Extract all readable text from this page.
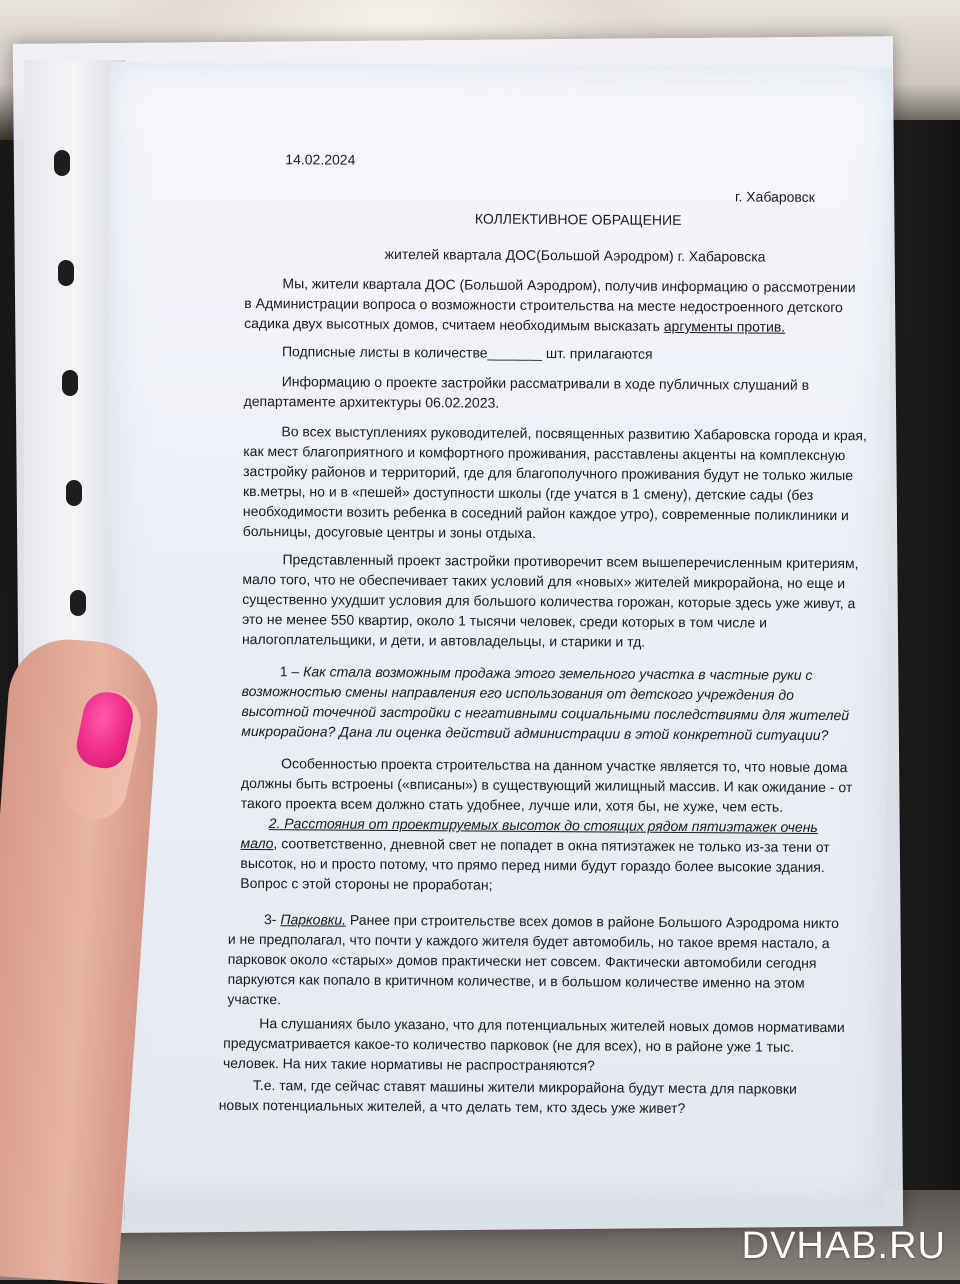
14.02.2024
г. Хабаровск
КОЛЛЕКТИВНОЕ ОБРАЩЕНИЕ
жителей квартала ДОС(Большой Аэродром) г. Хабаровска
Мы, жители квартала ДОС (Большой Аэродром), получив информацию о рассмотрении
в Администрации вопроса о возможности строительства на месте недостроенного детского
садика двух высотных домов, считаем необходимым высказать аргументы против.
Подписные листы в количестве_______ шт. прилагаются
Информацию о проекте застройки рассматривали в ходе публичных слушаний в
департаменте архитектуры 06.02.2023.
Во всех выступлениях руководителей, посвященных развитию Хабаровска города и края,
как мест благоприятного и комфортного проживания, расставлены акценты на комплексную
застройку районов и территорий, где для благополучного проживания будут не только жилые
кв.метры, но и в «пешей» доступности школы (где учатся в 1 смену), детские сады (без
необходимости возить ребенка в соседний район каждое утро), современные поликлиники и
больницы, досуговые центры и зоны отдыха.
Представленный проект застройки противоречит всем вышеперечисленным критериям,
мало того, что не обеспечивает таких условий для «новых» жителей микрорайона, но еще и
существенно ухудшит условия для большого количества горожан, которые здесь уже живут, а
это не менее 550 квартир, около 1 тысячи человек, среди которых в том числе и
налогоплательщики, и дети, и автовладельцы, и старики и тд.
1 – Как стала возможным продажа этого земельного участка в частные руки с
возможностью смены направления его использования от детского учреждения до
высотной точечной застройки с негативными социальными последствиями для жителей
микрорайона? Дана ли оценка действий администрации в этой конкретной ситуации?
Особенностью проекта строительства на данном участке является то, что новые дома
должны быть встроены («вписаны») в существующий жилищный массив. И как ожидание - от
такого проекта всем должно стать удобнее, лучше или, хотя бы, не хуже, чем есть.
2. Расстояния от проектируемых высоток до стоящих рядом пятиэтажек очень
мало, соответственно, дневной свет не попадет в окна пятиэтажек не только из-за тени от
высоток, но и просто потому, что прямо перед ними будут гораздо более высокие здания.
Вопрос с этой стороны не проработан;
3- Парковки. Ранее при строительстве всех домов в районе Большого Аэродрома никто
и не предполагал, что почти у каждого жителя будет автомобиль, но такое время настало, а
парковок около «старых» домов практически нет совсем. Фактически автомобили сегодня
паркуются как попало в критичном количестве, и в большом количестве именно на этом
участке.
На слушаниях было указано, что для потенциальных жителей новых домов нормативами
предусматривается какое-то количество парковок (не для всех), но в районе уже 1 тыс.
человек. На них такие нормативы не распространяются?
Т.е. там, где сейчас ставят машины жители микрорайона будут места для парковки
новых потенциальных жителей, а что делать тем, кто здесь уже живет?
DVHAB.RU
